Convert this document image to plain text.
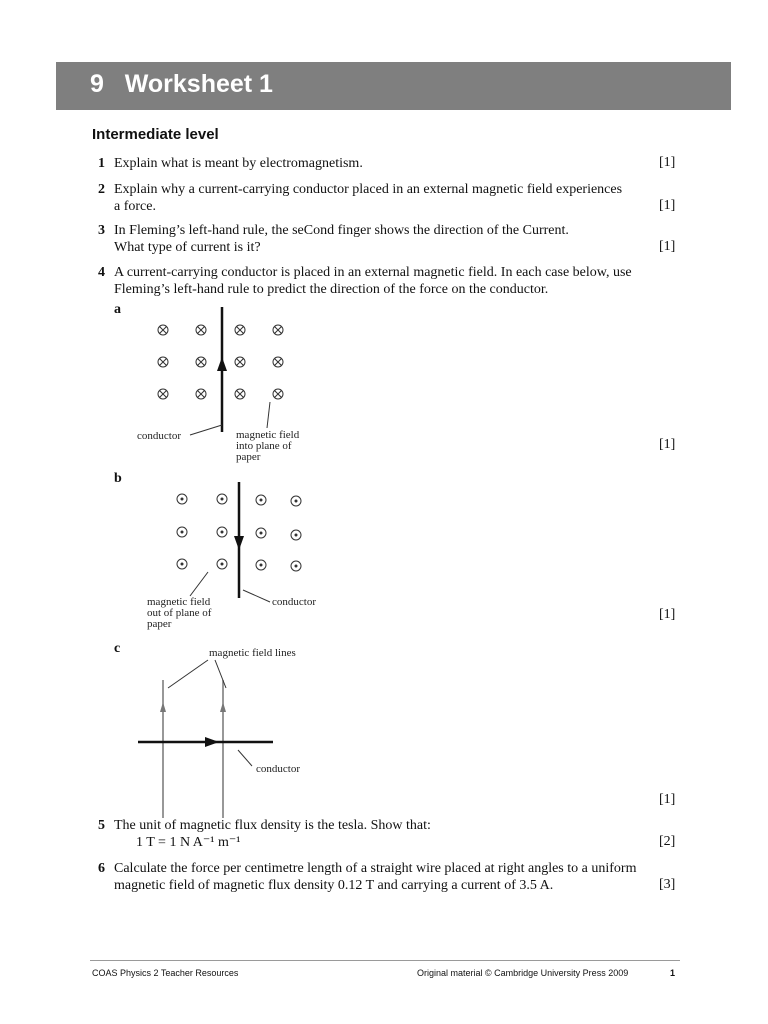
9 Worksheet 1
Intermediate level
1 Explain what is meant by electromagnetism.	[1]
2 Explain why a current-carrying conductor placed in an external magnetic field experiences
a force.	[1]
3 In Fleming’s left-hand rule, the seCond finger shows the direction of the Current.
What type of current is it?	[1]
4 A current-carrying conductor is placed in an external magnetic field. In each case below, use
Fleming’s left-hand rule to predict the direction of the force on the conductor.
a
conductor	magnetic field
into plane of
paper
conductor
magnetic field
out of plane of
paper
magnetic field lines
conductor
[1]
b
[1]
c
[1]
5 The unit of magnetic flux density is the tesla. Show that:
1 T = 1 N A⁻¹ m⁻¹	[2]
6 Calculate the force per centimetre length of a straight wire placed at right angles to a uniform
magnetic field of magnetic flux density 0.12 T and carrying a current of 3.5 A.	[3]
COAS Physics 2 Teacher Resources	Original material © Cambridge University Press 2009	1
